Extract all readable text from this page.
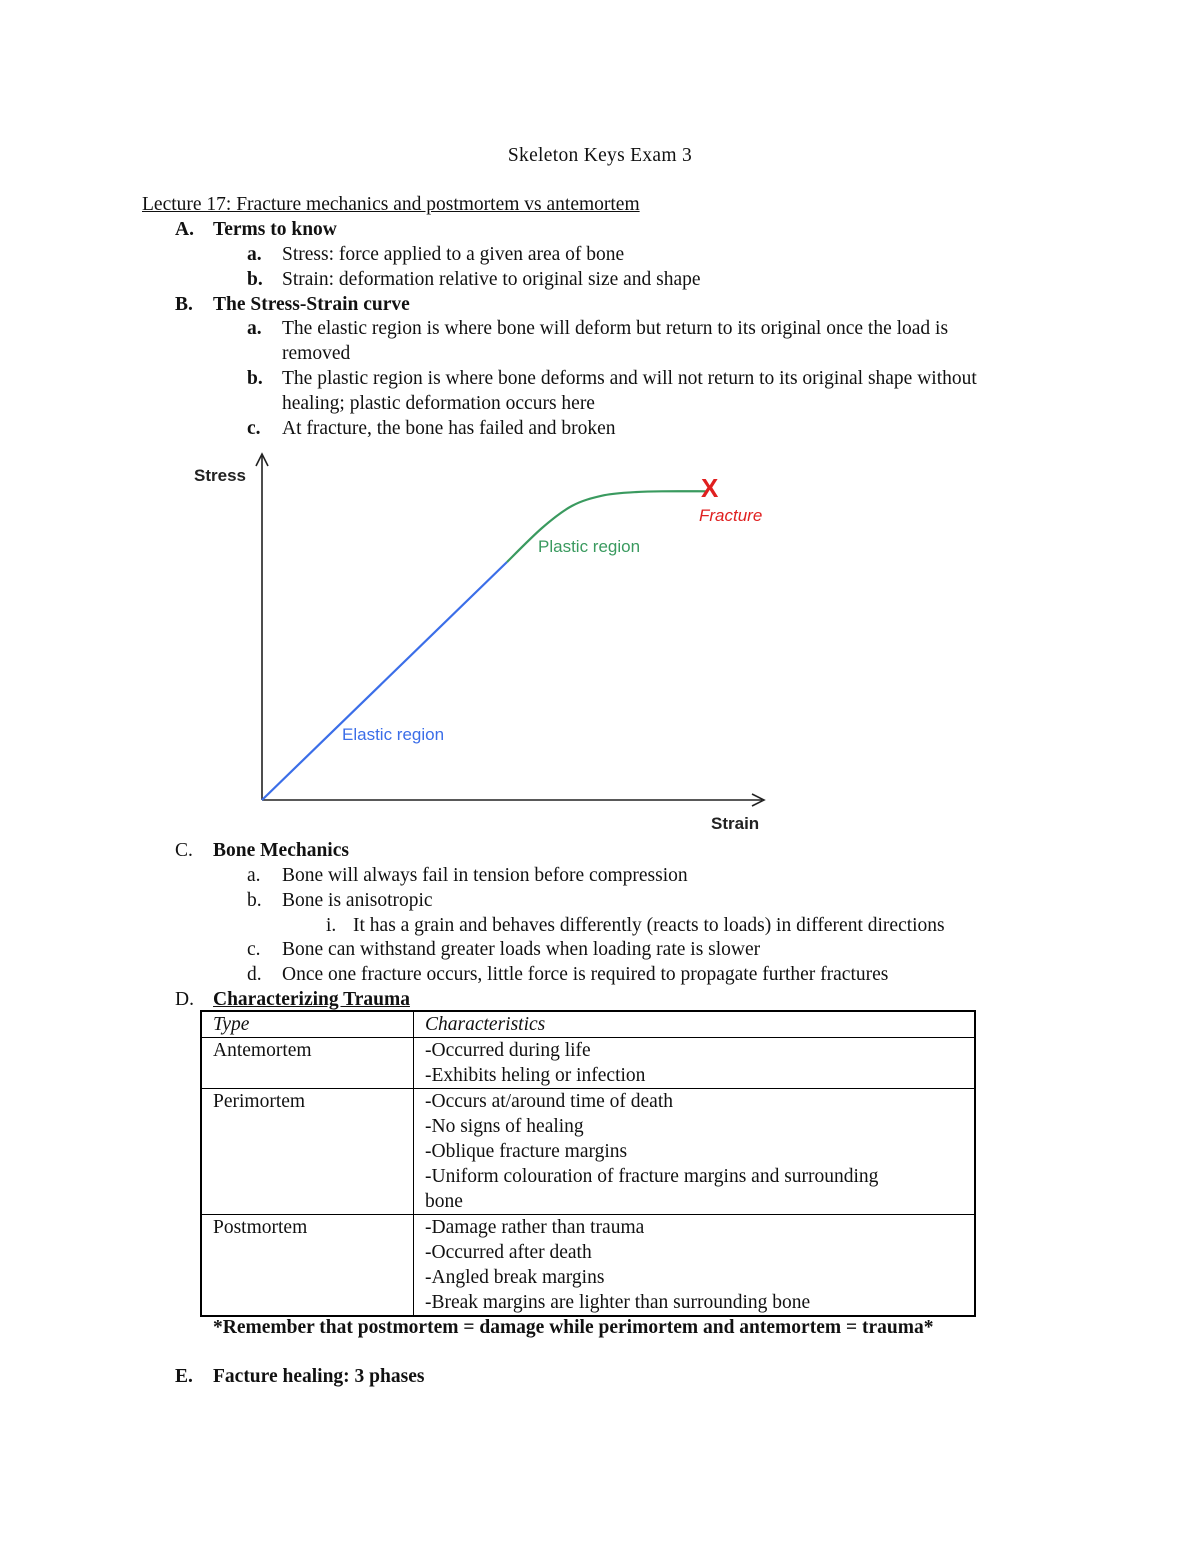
Skeleton Keys Exam 3
Lecture 17: Fracture mechanics and postmortem vs antemortem
A. Terms to know
a. Stress: force applied to a given area of bone
b. Strain: deformation relative to original size and shape
B. The Stress-Strain curve
a. The elastic region is where bone will deform but return to its original once the load is
removed
b. The plastic region is where bone deforms and will not return to its original shape without
healing; plastic deformation occurs here
c. At fracture, the bone has failed and broken
Stress
Strain
Elastic region
Plastic region
X
Fracture
C. Bone Mechanics
a. Bone will always fail in tension before compression
b. Bone is anisotropic
i. It has a grain and behaves differently (reacts to loads) in different directions
c. Bone can withstand greater loads when loading rate is slower
d. Once one fracture occurs, little force is required to propagate further fractures
D. Characterizing Trauma
Type	Characteristics
Antemortem	-Occurred during life
-Exhibits heling or infection

Perimortem	-Occurs at/around time of death
-No signs of healing
-Oblique fracture margins
-Uniform colouration of fracture margins and surrounding
bone

Postmortem	-Damage rather than trauma
-Occurred after death
-Angled break margins
-Break margins are lighter than surrounding bone
*Remember that postmortem = damage while perimortem and antemortem = trauma*
E. Facture healing: 3 phases
